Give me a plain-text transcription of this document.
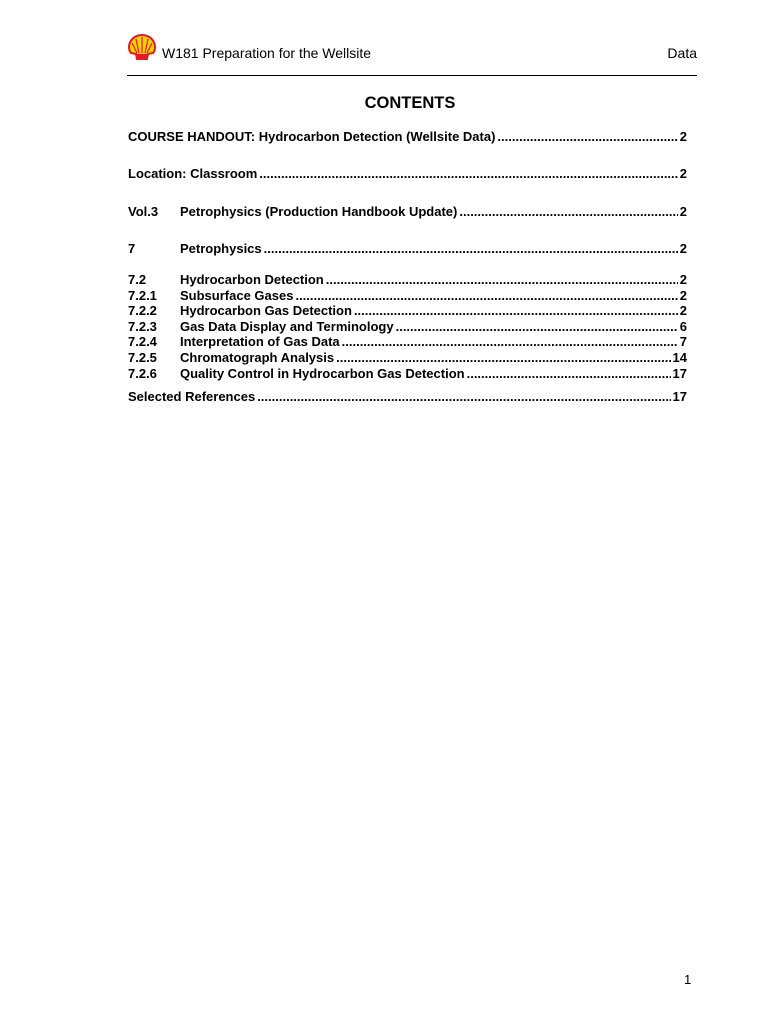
W181 Preparation for the Wellsite	Data
CONTENTS
COURSE HANDOUT: Hydrocarbon Detection (Wellsite Data) .....	2
Location: Classroom .....	2
Vol.3	Petrophysics (Production Handbook Update) .....	2
7	Petrophysics .....	2
7.2	Hydrocarbon Detection .....	2
7.2.1	Subsurface Gases .....	2
7.2.2	Hydrocarbon Gas Detection .....	2
7.2.3	Gas Data Display and Terminology .....	6
7.2.4	Interpretation of Gas Data .....	7
7.2.5	Chromatograph Analysis .....	14
7.2.6	Quality Control in Hydrocarbon Gas Detection .....	17
Selected References .....	17
1
